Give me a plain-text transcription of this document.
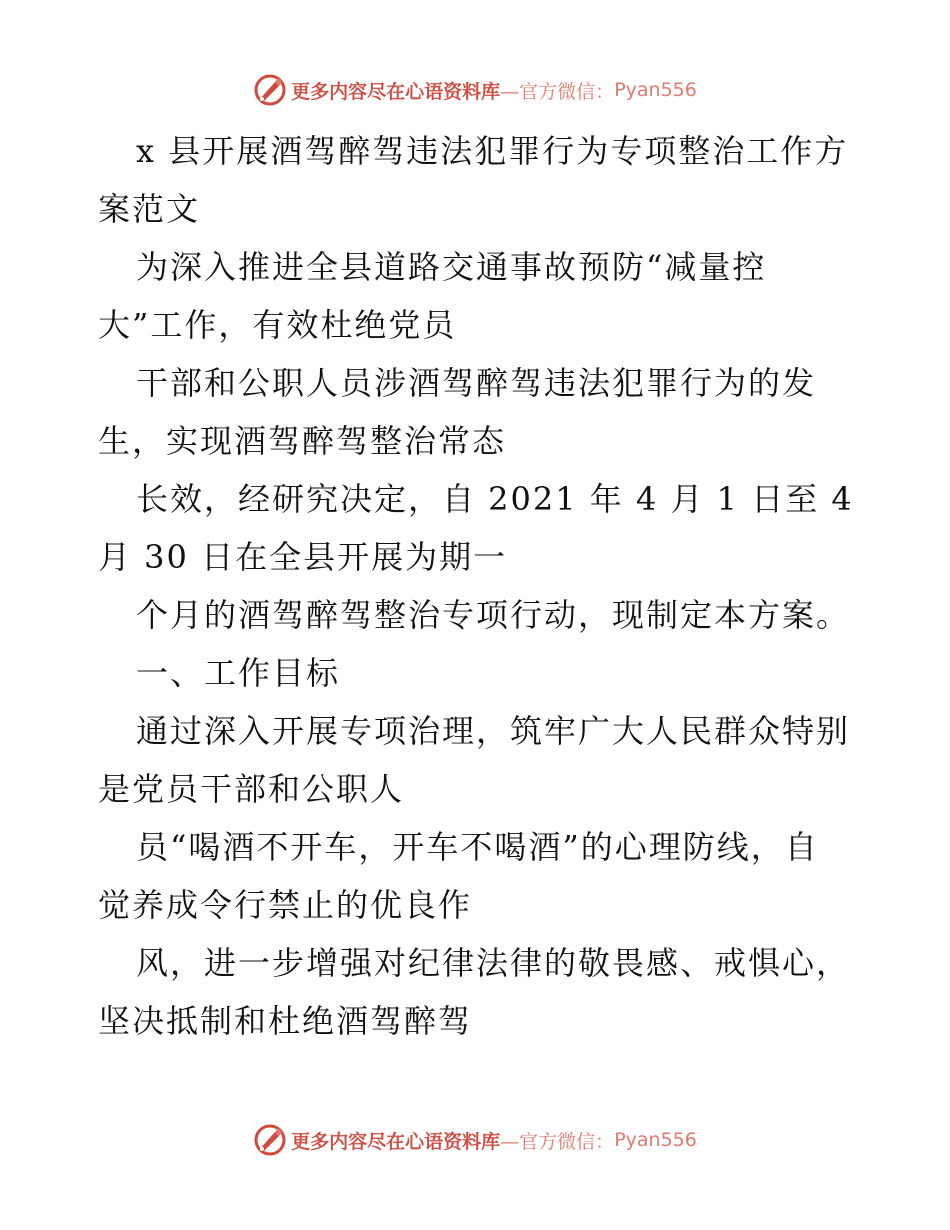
更多内容尽在心语资料库 —官方微信： Pyan556
x 县开展酒驾醉驾违法犯罪行为专项整治工作方
案范文
为深入推进全县道路交通事故预防“减量控
大”工作，有效杜绝党员
干部和公职人员涉酒驾醉驾违法犯罪行为的发
生，实现酒驾醉驾整治常态
长效，经研究决定，自 2021 年 4 月 1 日至 4
月 30 日在全县开展为期一
个月的酒驾醉驾整治专项行动，现制定本方案。
一、工作目标
通过深入开展专项治理，筑牢广大人民群众特别
是党员干部和公职人
员“喝酒不开车，开车不喝酒”的心理防线，自
觉养成令行禁止的优良作
风，进一步增强对纪律法律的敬畏感、戒惧心，
坚决抵制和杜绝酒驾醉驾
更多内容尽在心语资料库 —官方微信： Pyan556
